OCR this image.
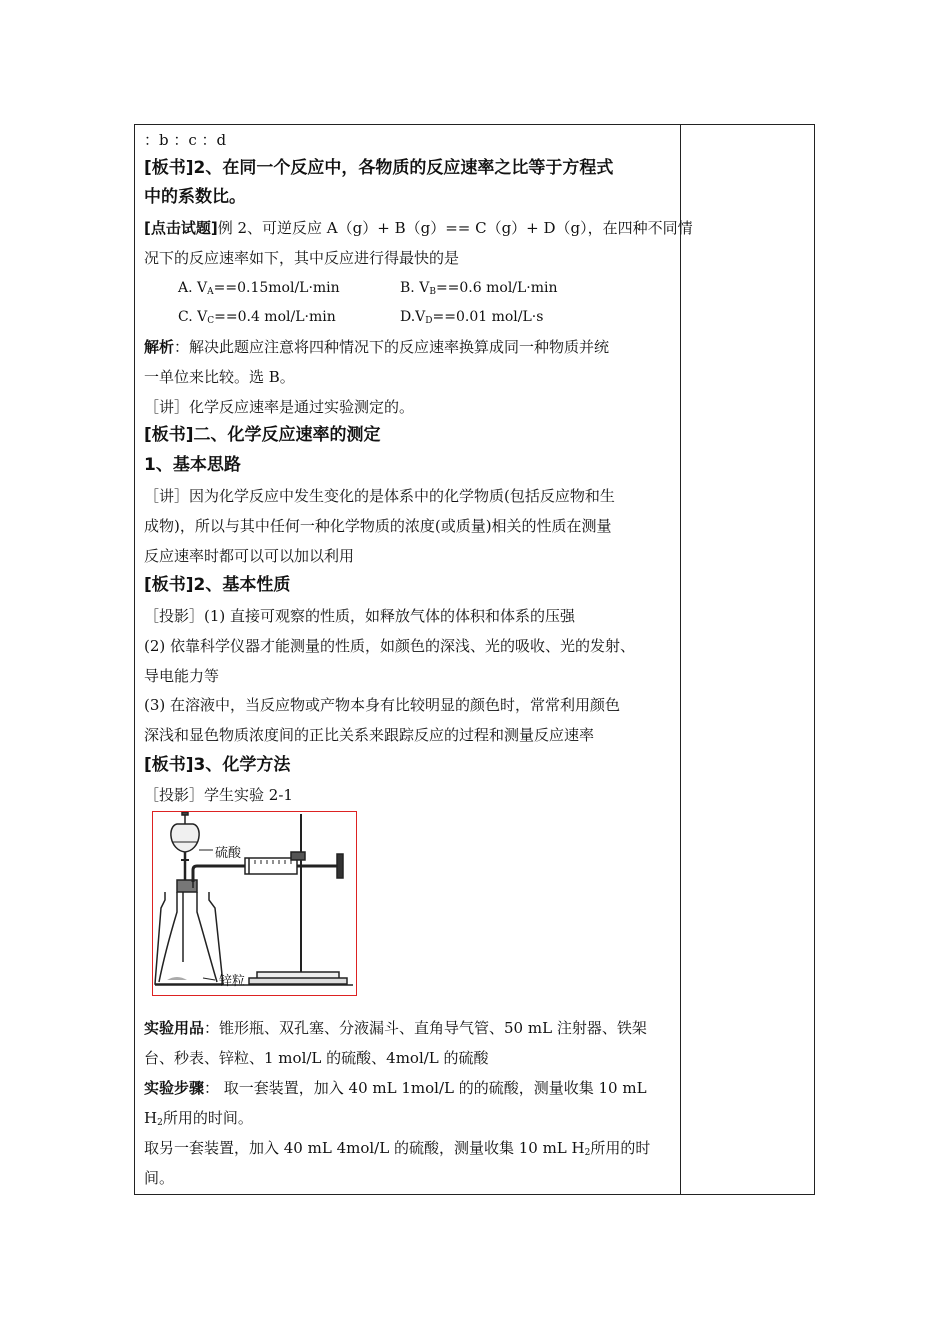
：b ：c ：d
[板书]2、在同一个反应中，各物质的反应速率之比等于方程式
中的系数比。
[点击试题]例 2、可逆反应 A（g）+ B（g）== C（g）+ D（g），在四种不同情
况下的反应速率如下，其中反应进行得最快的是
A. $V_A==0.15mol/L\cdot\min$	B. $V_B==0.6$ mol/L·min
C. $V_C==0.4$ mol/L·min	$D.V_D==0.01$ mol/L·s
解析：解决此题应注意将四种情况下的反应速率换算成同一种物质并统
一单位来比较。选 B。
［讲］化学反应速率是通过实验测定的。
[板书]二、化学反应速率的测定
1、基本思路
［讲］因为化学反应中发生变化的是体系中的化学物质(包括反应物和生
成物)，所以与其中任何一种化学物质的浓度(或质量)相关的性质在测量
反应速率时都可以可以加以利用
[板书]2、基本性质
［投影］(1) 直接可观察的性质，如释放气体的体积和体系的压强
(2) 依靠科学仪器才能测量的性质，如颜色的深浅、光的吸收、光的发射、
导电能力等
(3) 在溶液中，当反应物或产物本身有比较明显的颜色时，常常利用颜色
深浅和显色物质浓度间的正比关系来跟踪反应的过程和测量反应速率
[板书]3、化学方法
［投影］学生实验 2-1
硫酸
锌粒
实验用品：锥形瓶、双孔塞、分液漏斗、直角导气管、50 mL 注射器、铁架
台、秒表、锌粒、1 mol/L 的硫酸、4mol/L 的硫酸
实验步骤： 取一套装置，加入 40 mL 1mol/L 的的硫酸，测量收集 10 mL
$H_2$所用的时间。
取另一套装置，加入 40 mL 4mol/L 的硫酸，测量收集 10 mL $H_2$所用的时
间。
